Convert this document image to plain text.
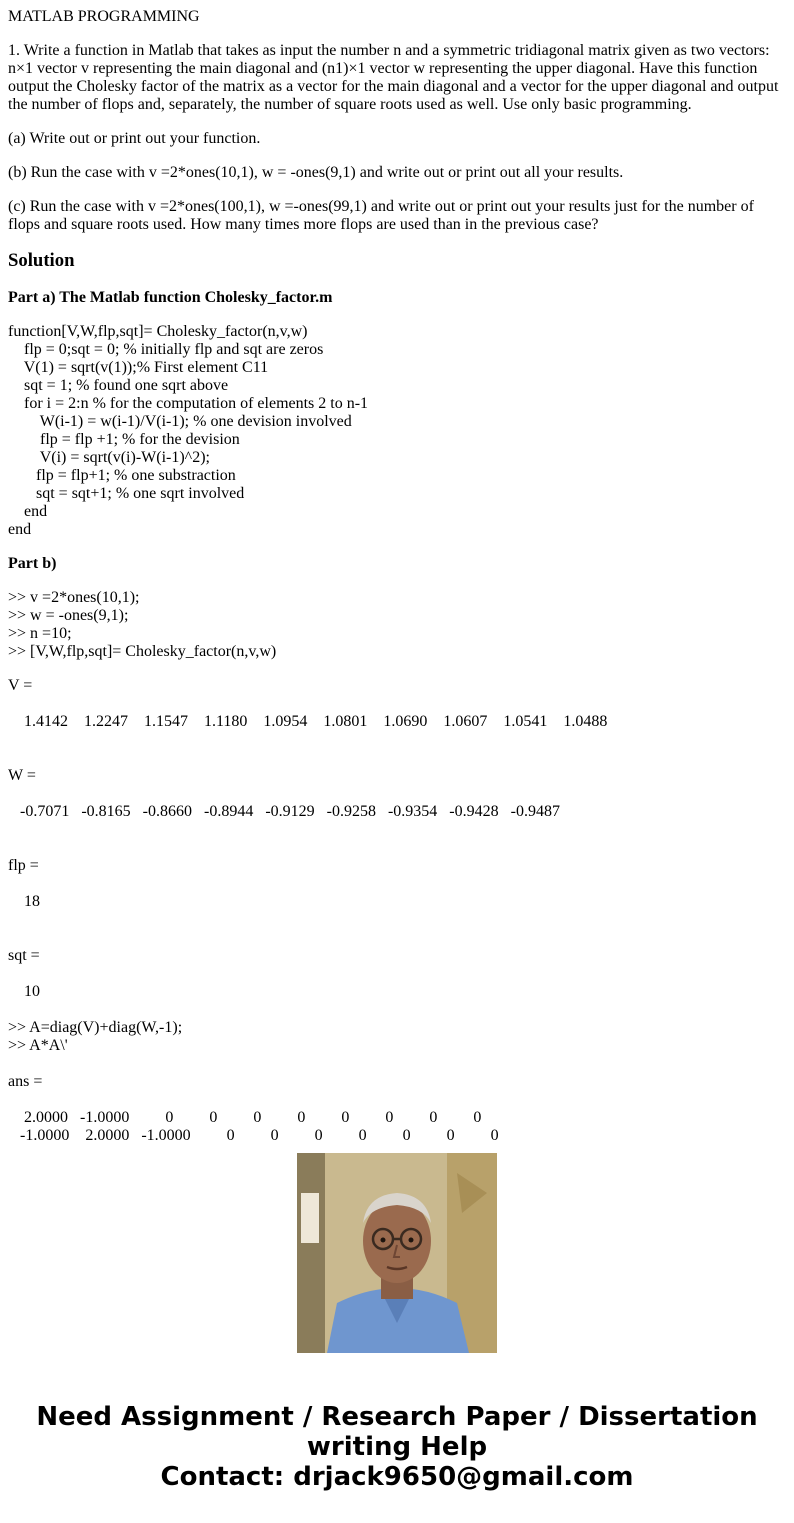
MATLAB PROGRAMMING

1. Write a function in Matlab that takes as input the number n and a symmetric tridiagonal matrix given as two vectors: n×1 vector v representing the main diagonal and (n1)×1 vector w representing the upper diagonal. Have this function output the Cholesky factor of the matrix as a vector for the main diagonal and a vector for the upper diagonal and output the number of flops and, separately, the number of square roots used as well. Use only basic programming.

(a) Write out or print out your function.

(b) Run the case with v =2*ones(10,1), w = -ones(9,1) and write out or print out all your results.

(c) Run the case with v =2*ones(100,1), w =-ones(99,1) and write out or print out your results just for the number of flops and square roots used. How many times more flops are used than in the previous case?

Solution

Part a) The Matlab function Cholesky_factor.m

function[V,W,flp,sqt]= Cholesky_factor(n,v,w)
flp = 0;sqt = 0; % initially flp and sqt are zeros
V(1) = sqrt(v(1));% First element C11
sqt = 1; % found one sqrt above
for i = 2:n % for the computation of elements 2 to n-1
W(i-1) = w(i-1)/V(i-1); % one devision involved
flp = flp +1; % for the devision
V(i) = sqrt(v(i)-W(i-1)^2);
flp = flp+1; % one substraction
sqt = sqt+1; % one sqrt involved
end
end

Part b)

>> v =2*ones(10,1);
>> w = -ones(9,1);
>> n =10;
>> [V,W,flp,sqt]= Cholesky_factor(n,v,w)
V =
1.4142    1.2247    1.1547    1.1180    1.0954    1.0801    1.0690    1.0607    1.0541    1.0488
W =
-0.7071   -0.8165   -0.8660   -0.8944   -0.9129   -0.9258   -0.9354   -0.9428   -0.9487
flp =
18
sqt =
10
>> A=diag(V)+diag(W,-1);
>> A*A\'
ans =
2.0000   -1.0000         0         0         0         0         0         0         0         0
-1.0000    2.0000   -1.0000         0         0         0         0         0         0         0
Need Assignment / Research Paper / Dissertation
writing Help
Contact: drjack9650@gmail.com
